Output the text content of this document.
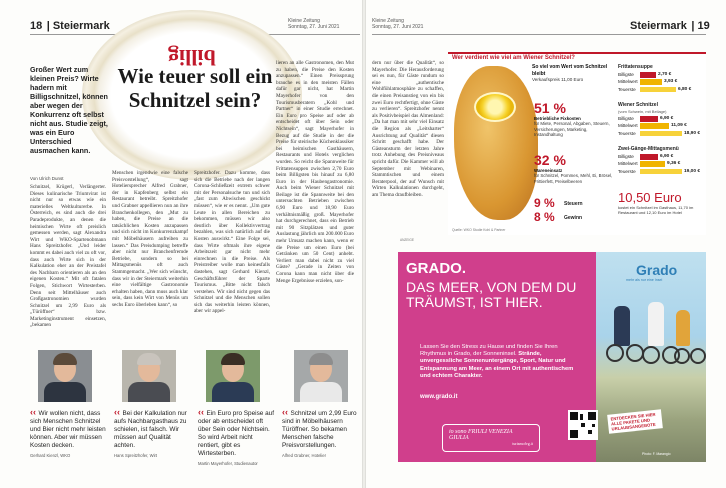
18 | Steiermark	Kleine Zeitung
Sonntag, 27. Juni 2021
billig
Wie teuer soll ein Schnitzel sein?
Großer Wert zum kleinen Preis? Wirte hadern mit Billigschnitzel, können aber wegen der Konkurrenz oft selbst nicht aus. Studie zeigt, was ein Euro Unterschied ausmachen kann.
Von Ulrich Dunst

Schnitzel, Krügerl, Verlängerter. Dieses kulinarische Triumvirat ist nicht nur so etwas wie ein materielles Weltkulturerbe. In Österreich, es sind auch die drei Paradeprodukte, an denen die heimischen Wirte oft preislich gemessen werden, sagt Alexandra Wirt und WKO-Spartenobmann Hans Spreitzhofer. „Und leider kommt es dabei auch viel zu oft vor, dass auch Wirte sich in der Kalkulation eher an der Preistafel des Nachbarn orientieren als an den eigenen Kosten.“ Mit oft fatalen Folgen, Stichwort Wirtesterben. Denn seit Mittelhäuser auch Großgastronomien wurden Schnitzel um 2,99 Euro als „Türöffner“ bzw. Marketinginstrument einsetzen, „bekamen

Menschen irgendwie eine falsche Preisvorstellung“, sagt Hoteliersprecher Alfred Grabner, der in Kapfenberg selbst ein Restaurant betreibt. Spreitzhofer und Grabner appellieren nun an ihre Branchenkollegen, den „Mut zu haben, die Preise an die tatsächlichen Kosten anzupassen und sich nicht im Konkurrenzkampf mit Möbelhäusern aufreiben zu lassen.“ Das Preisdumping betreffe aber nicht nur Branchenfremde Betriebe, sondern so bei Mittagsmenüs oft auch Stammgemacht. „Wer sich wünscht, dass wir in der Steiermark weiterhin eine vielfältige Gastronomie erhalten haben, dann muss auch klar sein, dass kein Wirt von Menüs um sechs Euro überleben kann“, so

Spreitzhofer. Dazu komme, dass sich die Betriebe nach der langen Corona-Schließzeit extrem schwer mit der Personalsuche tun und sich „fast zum Abwischen geschickt müssen“, wie er es nennt. „Um gute Leute in allen Bereichen zu bekommen, müssen wir also deutlich über Kollektivvertrag bezahlen, was sich natürlich auf die Kosten auswirkt.“ Eine Folge sei, dass Wirte oftmals ihre eigene Arbeitszeit gar nicht mehr einrechnen in die Preise. Als Preistreiber wolle man keinesfalls dastehen, sagt Gerhard Kienzl, Geschäftsführer der Sparte Tourismus. „Bitte nicht falsch verstehen. Wir sind nicht gegen das Schnitzel und die Menschen sollen sich das weiterhin leisten können, aber wir appel-

lieren an alle Gastronomen, den Mut zu haben, die Preise den Kosten anzupassen.“ Einen Preissprung brauche es in den meisten Fällen dafür gar nicht, hat Martin Mayerhofer von den Tourismusberatern „Kohl und Partner“ in einer Studie errechnet. Ein Euro pro Speise auf oder ab entscheidet oft über Sein oder Nichtsein“, sagt Mayerhofer in Bezug auf die Studie in der die Preise für steirische Küchenklassiker bei heimischen Gasthäusern, Restaurants und Hotels verglichen wurden. So reicht die Spannweite für Frittatensuppen zwischen 2,70 Euro beim Billigsten bis hinauf zu 6,80 Euro in der Haubengastronomie. Auch beim Wiener Schnitzel mit Beilage ist die Spannweite bei den untersuchten Betrieben zwischen 6,90 Euro und 18,90 Euro verhältnismäßig groß. Mayerhofer hat durchgerechnet, dass ein Betrieb mit 90 Sitzplätzen und guter Auslastung jährlich um 200.000 Euro mehr Umsatz machen kann, wenn er die Preise um einen Euro (bei Getränken um 50 Cent) anhebt. Verliert man dabei nicht zu viel Gäste? „Gerade in Zeiten von Corona kann man nicht über die Menge Ergebnisse erzielen, son-

‹‹ Wir wollen nicht, dass sich Menschen Schnitzel und Bier nicht mehr leisten können. Aber wir müssen Kosten decken.
Gerhard Kienzl, WKO
‹‹ Bei der Kalkulation nur aufs Nachbargasthaus zu schielen, ist falsch. Wir müssen auf Qualität achten.
Hans Spreitzhofer, Wirt
‹‹ Ein Euro pro Speise auf oder ab entscheidet oft über Sein oder Nichtsein. So wird Arbeit nicht rentiert, gibt es Wirtesterben.
Martin Mayerhofer, Studienautor
‹‹ Schnitzel um 2,99 Euro sind in Möbelhäusern Türöffner. So bekamen Menschen falsche Preisvorstellungen.
Alfred Grabner, Hotelier
Kleine Zeitung
Sonntag, 27. Juni 2021	Steiermark | 19

dern nur über die Qualität“, so Mayerhofer. Die Herausforderung sei es nun, für Gäste rundum so eine „authentische Wohlfühlatmosphäre zu schaffen, die einen Preisanstieg von ein bis zwei Euro rechtfertigt, ohne Gäste zu verlieren“. Spreitzhofer nennt als Positivbeispiel das Almenland: „Da hat man mit sehr viel Einsatz die Region als „Leitsharter“ Ausrichtung auf Qualität“ diesen Schritt geschafft habe. Der Gästeansturm der letzten Jahre trotz Anhebung des Preisniveaus spricht dafür. Die Kammer will ab September mit Webinaren, Stammtischen und einem Beraterpool, der auf Wunsch mit Wirten Kalkulationen durchgeht, am Thema draufbleiben.

Wer verdient wie viel am Wiener Schnitzel?
So viel vom Wert vom Schnitzel bleibt
Verkaufspreis 11,00 Euro
51 %
Betriebliche Fixkosten
für Miete, Personal, Abgaben, Steuern, Versicherungen, Marketing, Instandhaltung
32 %
Wareneinsatz
für Schnitzel, Pommes, Mehl, Ei, Brösel, Frittierfett, Preiselbeeren
9 % Steuern
8 % Gewinn
Frittatensuppe
Billigste	2,70 €
Mittelwert	3,93 €
Teuerste	6,80 €
Wiener Schnitzel
(vom Schwein, mit Beilage)
Billigste	6,90 €
Mittelwert	11,09 €
Teuerste	18,90 €
Zwei-Gänge-Mittagsmenü
Billigste	6,90 €
Mittelwert	9,36 €
Teuerste	19,00 €
10,50 Euro
kostet ein Schnitzel im Gasthaus, 11,70 im Restaurant und 12,10 Euro im Hotel
Quelle: WKO Studie Kohl & Partner
ANZEIGE
Grado
mehr als nur eine Insel
GRADO.
DAS MEER, VON DEM DU TRÄUMST, IST HIER.
Lassen Sie den Stress zu Hause und finden Sie Ihren Rhythmus in Grado, der Sonneninsel. Strände, unvergessliche Sonnenuntergänge, Sport, Natur und Entspannung am Meer, an einem Ort mit authentischem und echtem Charakter.
www.grado.it
io sono FRIULI VENEZIA GIULIA
turismofvg.it
ENTDECKEN SIE HIER ALLE PAKETE UND URLAUBSANGEBOTE
Photo: F. Marangio
